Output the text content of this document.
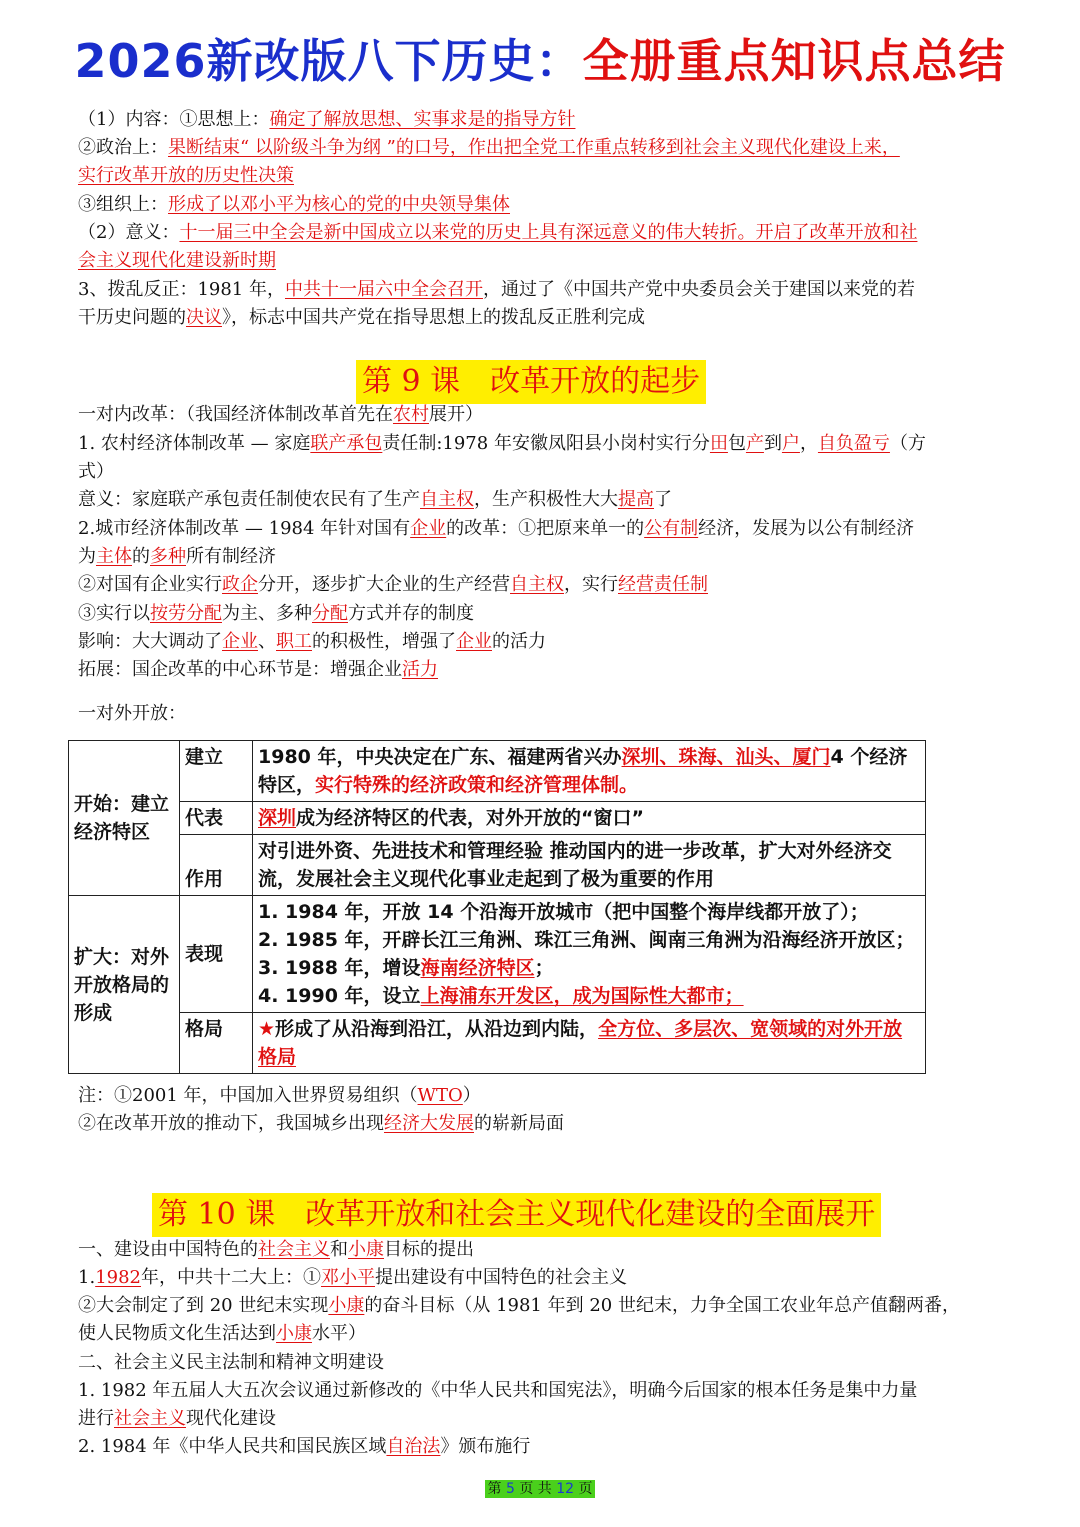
2026新改版八下历史：全册重点知识点总结
（1）内容：①思想上：确定了解放思想、实事求是的指导方针
②政治上：果断结束“ 以阶级斗争为纲 ”的口号，作出把全党工作重点转移到社会主义现代化建设上来，
实行改革开放的历史性决策
③组织上：形成了以邓小平为核心的党的中央领导集体
（2）意义：十一届三中全会是新中国成立以来党的历史上具有深远意义的伟大转折。开启了改革开放和社
会主义现代化建设新时期
3、拨乱反正：1981 年，中共十一届六中全会召开，通过了《中国共产党中央委员会关于建国以来党的若
干历史问题的决议》，标志中国共产党在指导思想上的拨乱反正胜利完成
第 9 课　改革开放的起步
一对内改革：（我国经济体制改革首先在农村展开）
1. 农村经济体制改革 — 家庭联产承包责任制:1978 年安徽凤阳县小岗村实行分田包产到户，自负盈亏（方
式）
意义：家庭联产承包责任制使农民有了生产自主权，生产积极性大大提高了
2.城市经济体制改革 — 1984 年针对国有企业的改革：①把原来单一的公有制经济，发展为以公有制经济
为主体的多种所有制经济
②对国有企业实行政企分开，逐步扩大企业的生产经营自主权，实行经营责任制
③实行以按劳分配为主、多种分配方式并存的制度
影响：大大调动了企业、职工的积极性，增强了企业的活力
拓展：国企改革的中心环节是：增强企业活力
一对外开放：
开始：建立经济特区	建立	1980 年，中央决定在广东、福建两省兴办深圳、珠海、汕头、厦门4 个经济特区，实行特殊的经济政策和经济管理体制。
	代表	深圳成为经济特区的代表，对外开放的“窗口”
	作用	对引进外资、先进技术和管理经验 推动国内的进一步改革，扩大对外经济交流，发展社会主义现代化事业走起到了极为重要的作用
扩大：对外开放格局的形成	表现	1. 1984 年，开放 14 个沿海开放城市（把中国整个海岸线都开放了）；
2. 1985 年，开辟长江三角洲、珠江三角洲、闽南三角洲为沿海经济开放区；
3. 1988 年，增设海南经济特区；
4. 1990 年，设立上海浦东开发区，成为国际性大都市；

	格局	★形成了从沿海到沿江，从沿边到内陆，全方位、多层次、宽领域的对外开放格局
注：①2001 年，中国加入世界贸易组织（WTO）
②在改革开放的推动下，我国城乡出现经济大发展的崭新局面
第 10 课　改革开放和社会主义现代化建设的全面展开
一、建设由中国特色的社会主义和小康目标的提出
1.1982年，中共十二大上：①邓小平提出建设有中国特色的社会主义
②大会制定了到 20 世纪末实现小康的奋斗目标（从 1981 年到 20 世纪末，力争全国工农业年总产值翻两番，
使人民物质文化生活达到小康水平）
二、社会主义民主法制和精神文明建设
1. 1982 年五届人大五次会议通过新修改的《中华人民共和国宪法》，明确今后国家的根本任务是集中力量
进行社会主义现代化建设
2. 1984 年《中华人民共和国民族区域自治法》颁布施行
第 5 页 共 12 页
